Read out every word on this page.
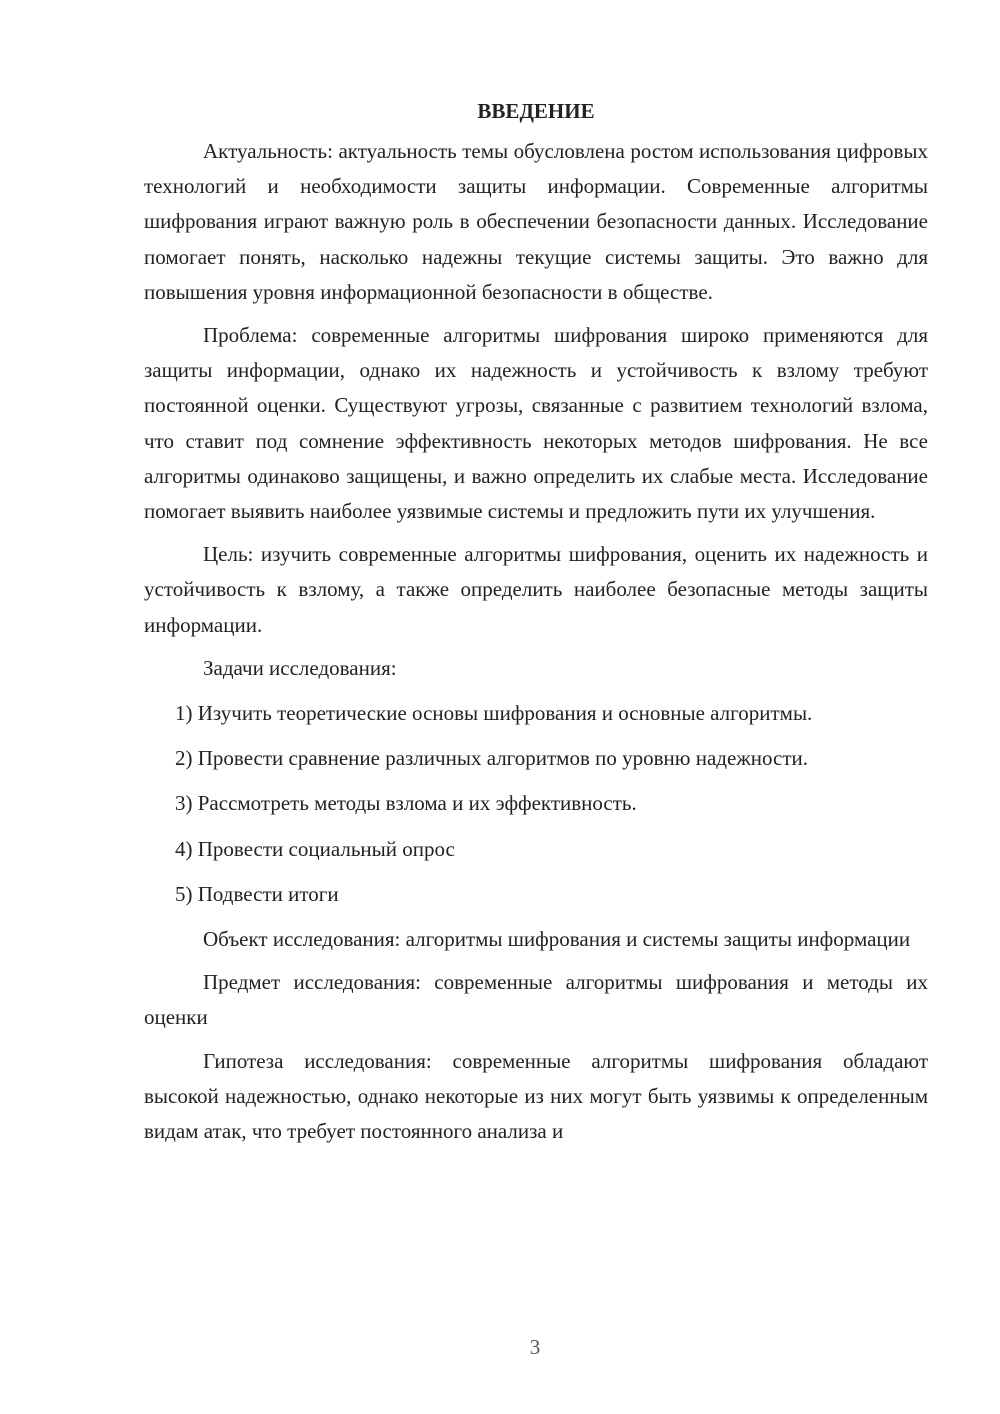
ВВЕДЕНИЕ

Актуальность: актуальность темы обусловлена ростом использования цифровых технологий и необходимости защиты информации. Современные алгоритмы шифрования играют важную роль в обеспечении безопасности данных. Исследование помогает понять, насколько надежны текущие системы защиты. Это важно для повышения уровня информационной безопасности в обществе.

Проблема: современные алгоритмы шифрования широко применяются для защиты информации, однако их надежность и устойчивость к взлому требуют постоянной оценки. Существуют угрозы, связанные с развитием технологий взлома, что ставит под сомнение эффективность некоторых методов шифрования. Не все алгоритмы одинаково защищены, и важно определить их слабые места. Исследование помогает выявить наиболее уязвимые системы и предложить пути их улучшения.

Цель: изучить современные алгоритмы шифрования, оценить их надежность и устойчивость к взлому, а также определить наиболее безопасные методы защиты информации.

Задачи исследования:

1) Изучить теоретические основы шифрования и основные алгоритмы.
2) Провести сравнение различных алгоритмов по уровню надежности.
3) Рассмотреть методы взлома и их эффективность.
4) Провести социальный опрос
5) Подвести итоги

Объект исследования: алгоритмы шифрования и системы защиты информации

Предмет исследования: современные алгоритмы шифрования и методы их оценки

Гипотеза исследования: современные алгоритмы шифрования обладают высокой надежностью, однако некоторые из них могут быть уязвимы к определенным видам атак, что требует постоянного анализа и

3
